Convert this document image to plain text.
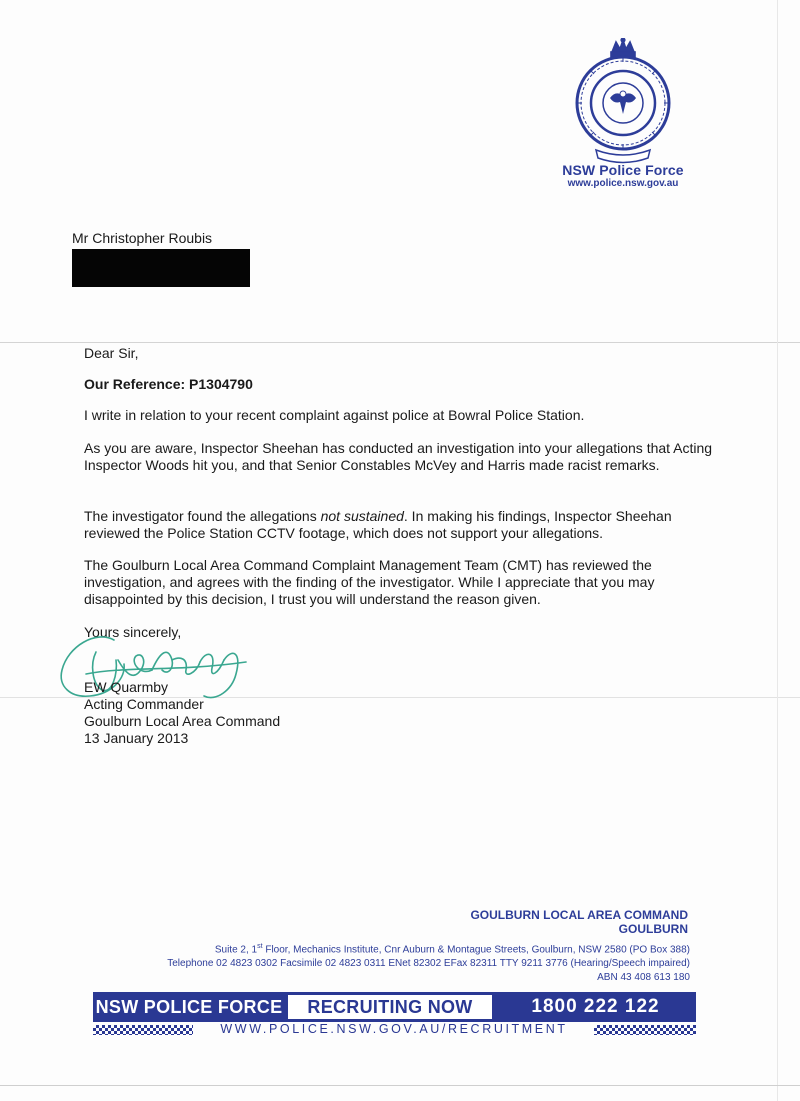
NSW Police Force
www.police.nsw.gov.au
Mr Christopher Roubis
Dear Sir,
Our Reference: P1304790
I write in relation to your recent complaint against police at Bowral Police Station.
As you are aware, Inspector Sheehan has conducted an investigation into your allegations that Acting Inspector Woods hit you, and that Senior Constables McVey and Harris made racist remarks.
The investigator found the allegations not sustained. In making his findings, Inspector Sheehan reviewed the Police Station CCTV footage, which does not support your allegations.
The Goulburn Local Area Command Complaint Management Team (CMT) has reviewed the investigation, and agrees with the finding of the investigator. While I appreciate that you may disappointed by this decision, I trust you will understand the reason given.
Yours sincerely,
EW Quarmby
Acting Commander
Goulburn Local Area Command
13 January 2013
GOULBURN LOCAL AREA COMMAND
GOULBURN
Suite 2, 1st Floor, Mechanics Institute, Cnr Auburn & Montague Streets, Goulburn, NSW 2580 (PO Box 388)
Telephone 02 4823 0302 Facsimile 02 4823 0311 ENet 82302 EFax 82311 TTY 9211 3776 (Hearing/Speech impaired)
ABN 43 408 613 180
NSW POLICE FORCE	RECRUITING NOW	1800 222 122
WWW.POLICE.NSW.GOV.AU/RECRUITMENT
